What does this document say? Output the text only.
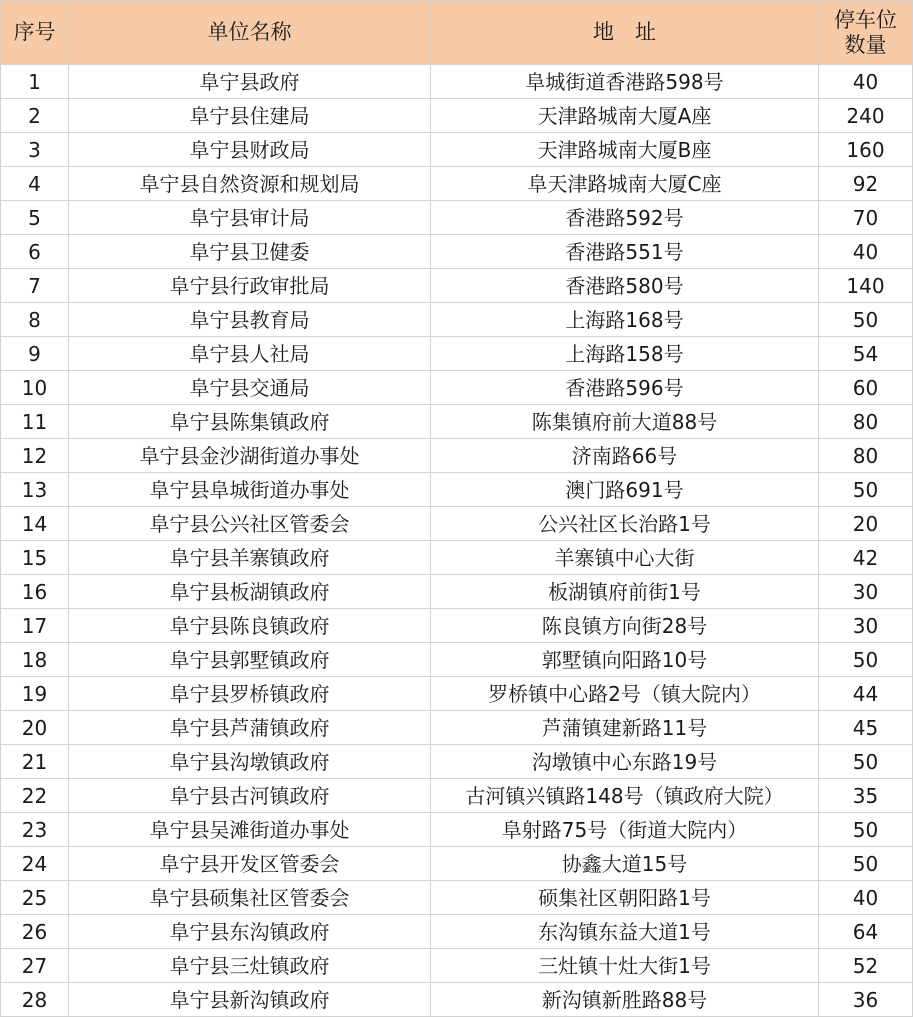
序号	单位名称	地　址	停车位
数量

1	阜宁县政府	阜城街道香港路598号	40
2	阜宁县住建局	天津路城南大厦A座	240
3	阜宁县财政局	天津路城南大厦B座	160
4	阜宁县自然资源和规划局	阜天津路城南大厦C座	92
5	阜宁县审计局	香港路592号	70
6	阜宁县卫健委	香港路551号	40
7	阜宁县行政审批局	香港路580号	140
8	阜宁县教育局	上海路168号	50
9	阜宁县人社局	上海路158号	54
10	阜宁县交通局	香港路596号	60
11	阜宁县陈集镇政府	陈集镇府前大道88号	80
12	阜宁县金沙湖街道办事处	济南路66号	80
13	阜宁县阜城街道办事处	澳门路691号	50
14	阜宁县公兴社区管委会	公兴社区长治路1号	20
15	阜宁县羊寨镇政府	羊寨镇中心大街	42
16	阜宁县板湖镇政府	板湖镇府前街1号	30
17	阜宁县陈良镇政府	陈良镇方向街28号	30
18	阜宁县郭墅镇政府	郭墅镇向阳路10号	50
19	阜宁县罗桥镇政府	罗桥镇中心路2号（镇大院内）	44
20	阜宁县芦蒲镇政府	芦蒲镇建新路11号	45
21	阜宁县沟墩镇政府	沟墩镇中心东路19号	50
22	阜宁县古河镇政府	古河镇兴镇路148号（镇政府大院）	35
23	阜宁县吴滩街道办事处	阜射路75号（街道大院内）	50
24	阜宁县开发区管委会	协鑫大道15号	50
25	阜宁县硕集社区管委会	硕集社区朝阳路1号	40
26	阜宁县东沟镇政府	东沟镇东益大道1号	64
27	阜宁县三灶镇政府	三灶镇十灶大街1号	52
28	阜宁县新沟镇政府	新沟镇新胜路88号	36
